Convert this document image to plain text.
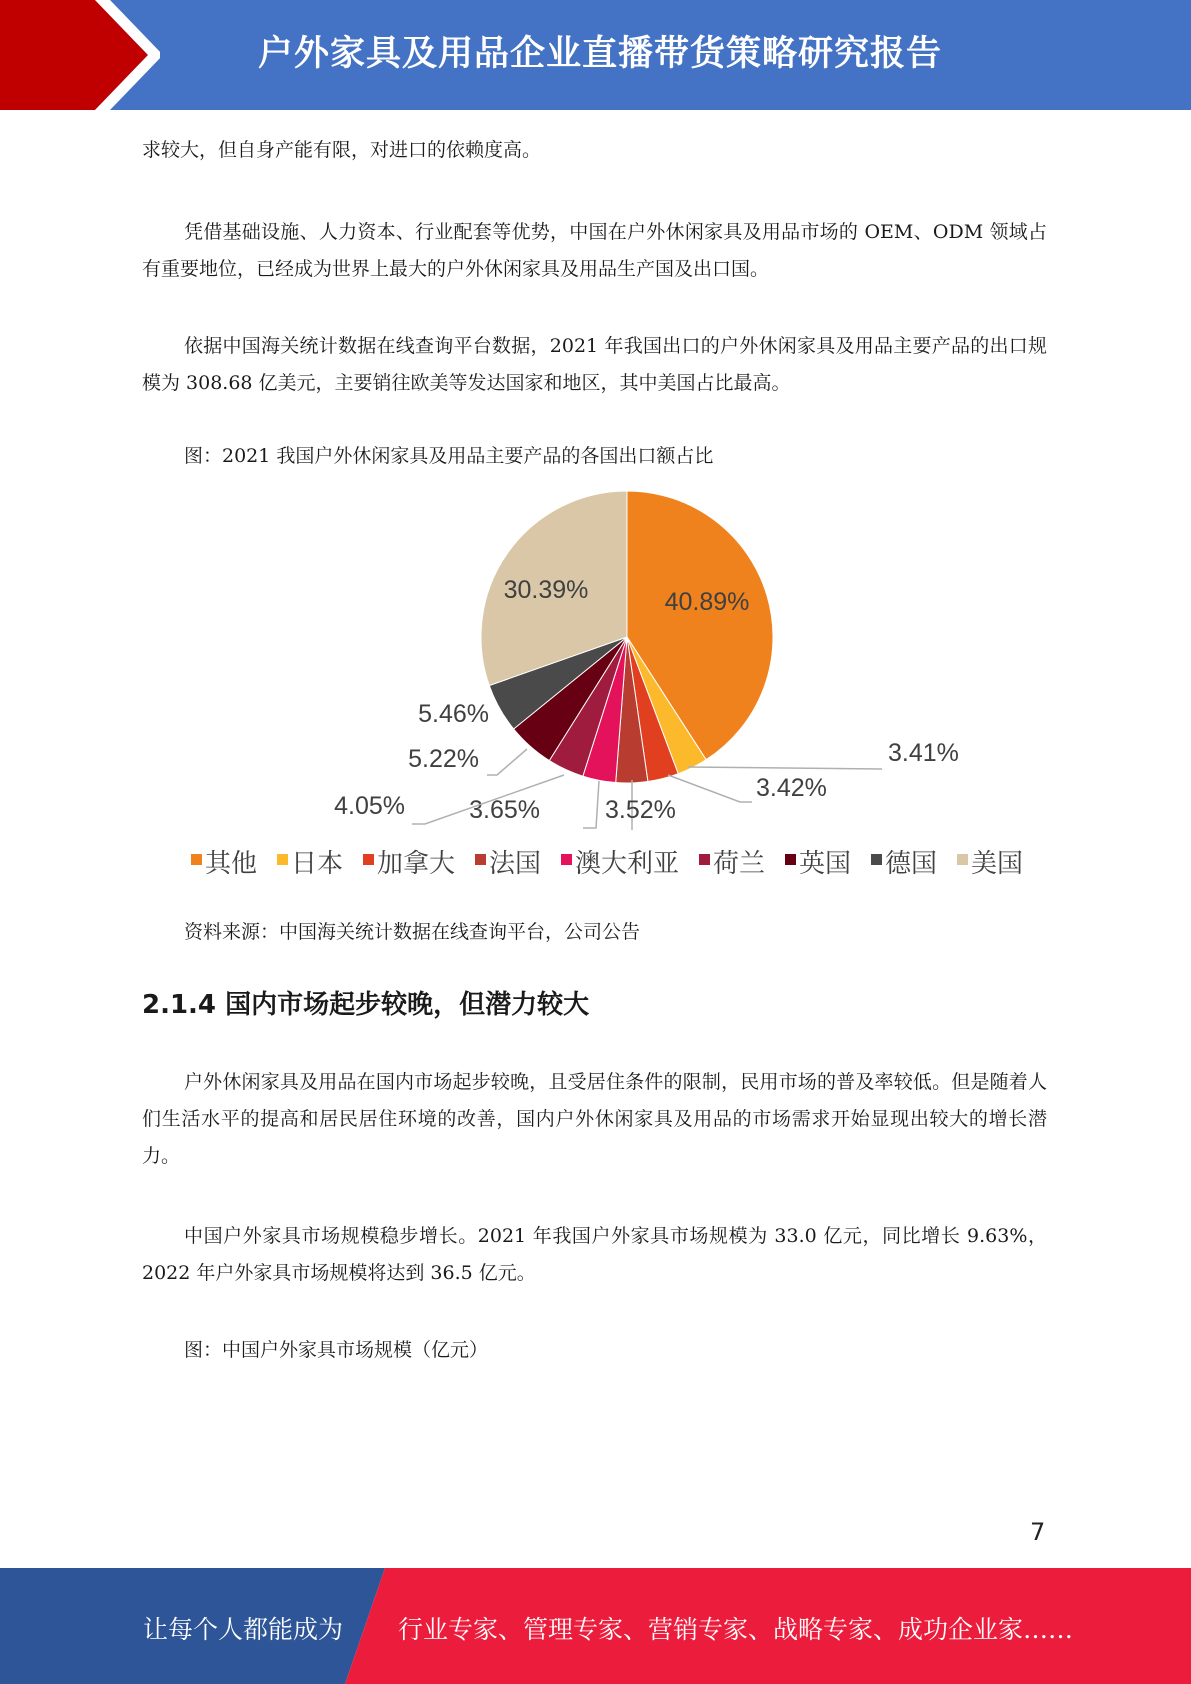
户外家具及用品企业直播带货策略研究报告

求较大，但自身产能有限，对进口的依赖度高。

凭借基础设施、人力资本、行业配套等优势，中国在户外休闲家具及用品市场的 OEM、ODM 领域占有重要地位，已经成为世界上最大的户外休闲家具及用品生产国及出口国。

依据中国海关统计数据在线查询平台数据，2021 年我国出口的户外休闲家具及用品主要产品的出口规模为 308.68 亿美元，主要销往欧美等发达国家和地区，其中美国占比最高。

图：2021 我国户外休闲家具及用品主要产品的各国出口额占比

40.89%
3.41%
3.42%
3.52%
3.65%
4.05%
5.22%
5.46%
30.39%
其他 日本 加拿大 法国 澳大利亚 荷兰 英国 德国 美国

资料来源：中国海关统计数据在线查询平台，公司公告

2.1.4 国内市场起步较晚，但潜力较大

户外休闲家具及用品在国内市场起步较晚，且受居住条件的限制，民用市场的普及率较低。但是随着人们生活水平的提高和居民居住环境的改善，国内户外休闲家具及用品的市场需求开始显现出较大的增长潜力。

中国户外家具市场规模稳步增长。2021 年我国户外家具市场规模为 33.0 亿元，同比增长 9.63%， 2022 年户外家具市场规模将达到 36.5 亿元。

图：中国户外家具市场规模（亿元）

7
让每个人都能成为 行业专家、管理专家、营销专家、战略专家、成功企业家……
